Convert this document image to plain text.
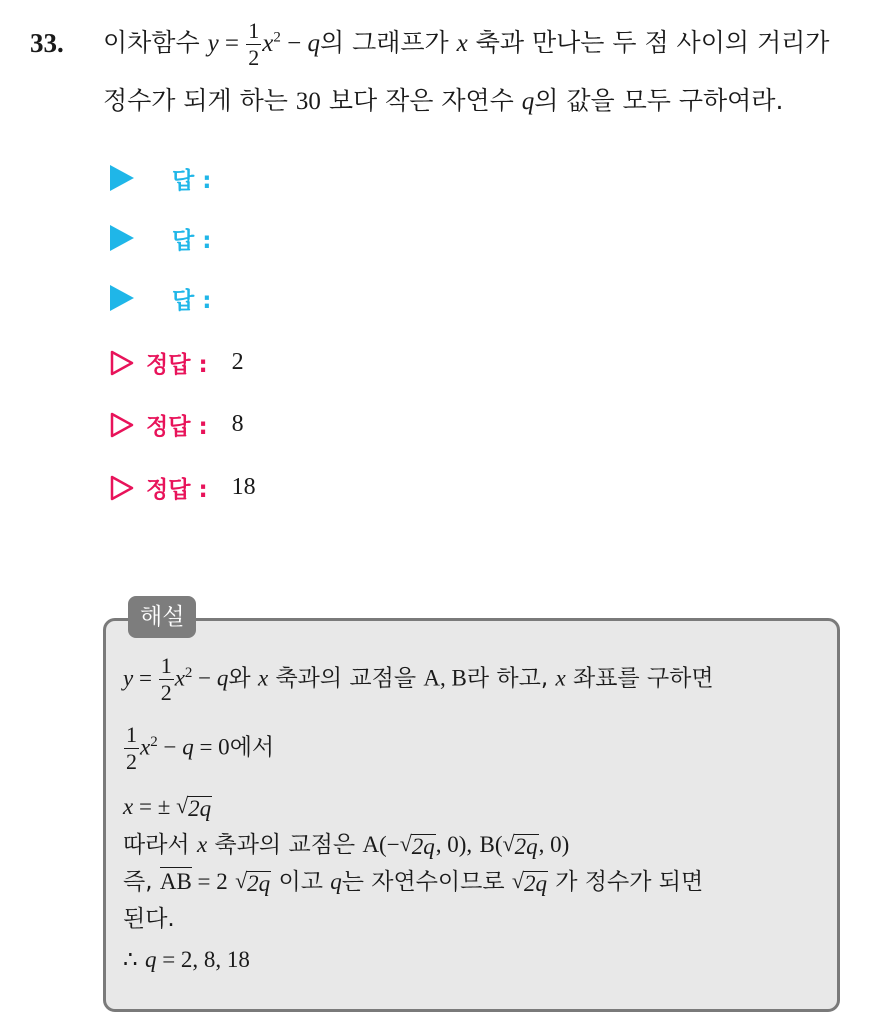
33. 이차함수 $y = \frac{1}{2} x^2 - q$의 그래프가 x 축과 만나는 두 점 사이의 거리가
정수가 되게 하는 30 보다 작은 자연수 q의 값을 모두 구하여라.
답 :
답 :
답 :
정답 : 2
정답 : 8
정답 : 18
해설
$y = \frac{1}{2} x^2 - q$와 x 축과의 교점을 A, B라 하고, x 좌표를 구하면
$\frac{1}{2} x^2 - q = 0$에서
x = ± √ 2q
따라서 x 축과의 교점은 A(− √ 2q , 0), B( √ 2q , 0)
즉, AB = 2 √ 2q 이고 q는 자연수이므로 √ 2q 가 정수가 되면
된다.
∴ q = 2, 8, 18
